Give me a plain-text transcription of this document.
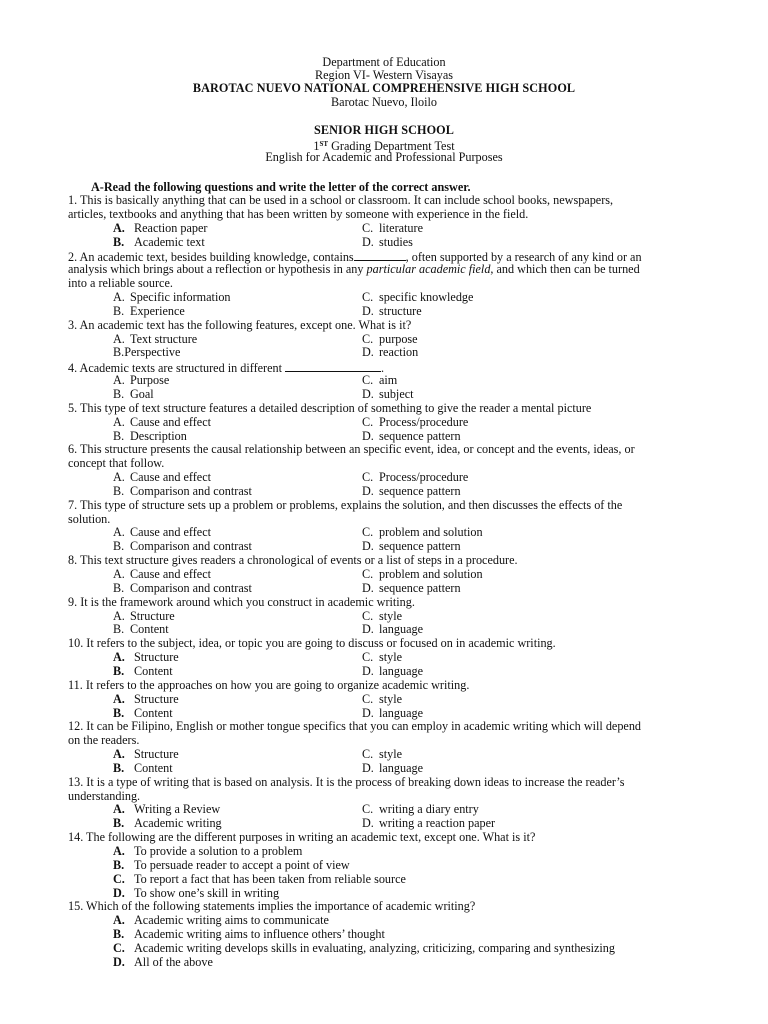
Department of Education
Region VI- Western Visayas
BAROTAC NUEVO NATIONAL COMPREHENSIVE HIGH SCHOOL
Barotac Nuevo, Iloilo
SENIOR HIGH SCHOOL
1ST Grading Department Test
English for Academic and Professional Purposes
A-Read the following questions and write the letter of the correct answer.
1. This is basically anything that can be used in a school or classroom. It can include school books, newspapers,
articles, textbooks and anything that has been written by someone with experience in the field.
A. Reaction paper	C. literature
B. Academic text	D. studies
2. An academic text, besides building knowledge, contains	, often supported by a research of any kind or an
analysis which brings about a reflection or hypothesis in any particular academic field, and which then can be turned
into a reliable source.
A. Specific information	C. specific knowledge
B. Experience	D. structure
3. An academic text has the following features, except one. What is it?
A. Text structure	C. purpose
B.Perspective	D. reaction
4. Academic texts are structured in different	.
A. Purpose	C. aim
B. Goal	D. subject
5. This type of text structure features a detailed description of something to give the reader a mental picture
A. Cause and effect	C. Process/procedure
B. Description	D. sequence pattern
6. This structure presents the causal relationship between an specific event, idea, or concept and the events, ideas, or
concept that follow.
A. Cause and effect	C. Process/procedure
B. Comparison and contrast	D. sequence pattern
7. This type of structure sets up a problem or problems, explains the solution, and then discusses the effects of the
solution.
A. Cause and effect	C. problem and solution
B. Comparison and contrast	D. sequence pattern
8. This text structure gives readers a chronological of events or a list of steps in a procedure.
A. Cause and effect	C. problem and solution
B. Comparison and contrast	D. sequence pattern
9. It is the framework around which you construct in academic writing.
A. Structure	C. style
B. Content	D. language
10. It refers to the subject, idea, or topic you are going to discuss or focused on in academic writing.
A. Structure	C. style
B. Content	D. language
11. It refers to the approaches on how you are going to organize academic writing.
A. Structure	C. style
B. Content	D. language
12. It can be Filipino, English or mother tongue specifics that you can employ in academic writing which will depend
on the readers.
A. Structure	C. style
B. Content	D. language
13. It is a type of writing that is based on analysis. It is the process of breaking down ideas to increase the reader’s
understanding.
A. Writing a Review	C. writing a diary entry
B. Academic writing	D. writing a reaction paper
14. The following are the different purposes in writing an academic text, except one. What is it?
A. To provide a solution to a problem
B. To persuade reader to accept a point of view
C. To report a fact that has been taken from reliable source
D. To show one’s skill in writing
15. Which of the following statements implies the importance of academic writing?
A. Academic writing aims to communicate
B. Academic writing aims to influence others’ thought
C. Academic writing develops skills in evaluating, analyzing, criticizing, comparing and synthesizing
D. All of the above
